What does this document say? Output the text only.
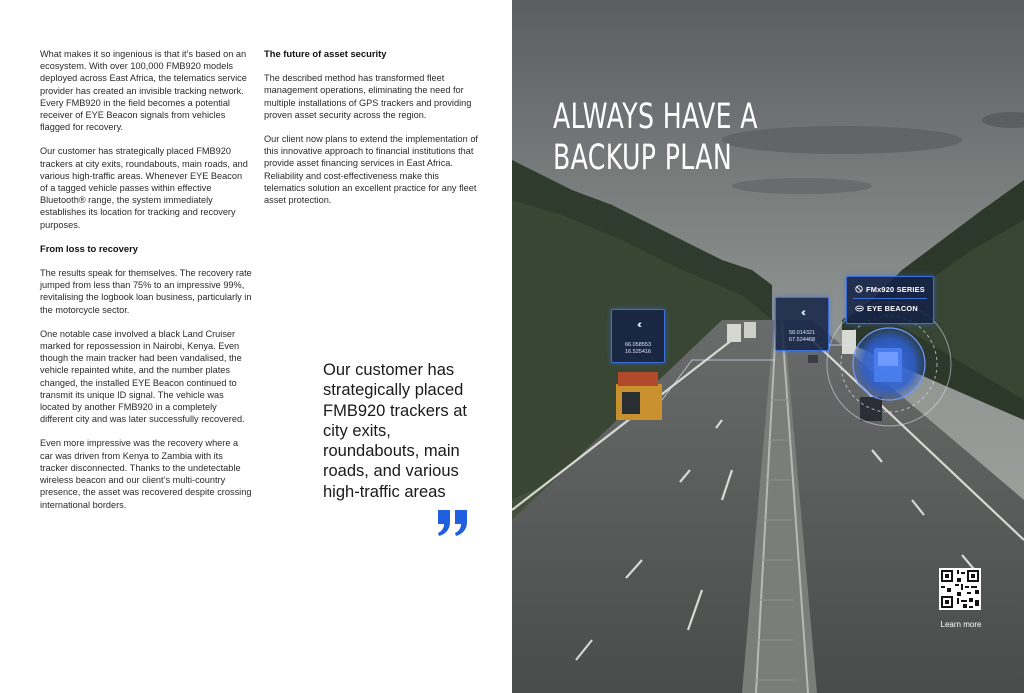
What makes it so ingenious is that it’s based on an ecosystem. With over 100,000 FMB920 models deployed across East Africa, the telematics service provider has created an invisible tracking network. Every FMB920 in the field becomes a potential receiver of EYE Beacon signals from vehicles flagged for recovery.

Our customer has strategically placed FMB920 trackers at city exits, roundabouts, main roads, and various high-traffic areas. Whenever EYE Beacon of a tagged vehicle passes within effective Bluetooth® range, the system immediately establishes its location for tracking and recovery purposes.

From loss to recovery

The results speak for themselves. The recovery rate jumped from less than 75% to an impressive 99%, revitalising the logbook loan business, particularly in the motorcycle sector.

One notable case involved a black Land Cruiser marked for repossession in Nairobi, Kenya. Even though the main tracker had been vandalised, the vehicle repainted white, and the number plates changed, the installed EYE Beacon continued to transmit its unique ID signal. The vehicle was located by another FMB920 in a completely different city and was later successfully recovered.

Even more impressive was the recovery where a car was driven from Kenya to Zambia with its tracker disconnected. Thanks to the undetectable wireless beacon and our client’s multi-country presence, the asset was recovered despite crossing international borders.

The future of asset security

The described method has transformed fleet management operations, eliminating the need for multiple installations of GPS trackers and providing proven asset security across the region.

Our client now plans to extend the implementation of this innovative approach to financial institutions that provide asset financing services in East Africa. Reliability and cost-effectiveness make this telematics solution an excellent practice for any fleet asset protection.

Our customer has strategically placed FMB920 trackers at city exits, roundabouts, main roads, and various high-traffic areas
ALWAYS HAVE A
BACKUP PLAN
‹‹‹
66.058553
16.525416
‹‹‹
58.014321
67.524468
FMx920 SERIES
EYE BEACON
Learn more
